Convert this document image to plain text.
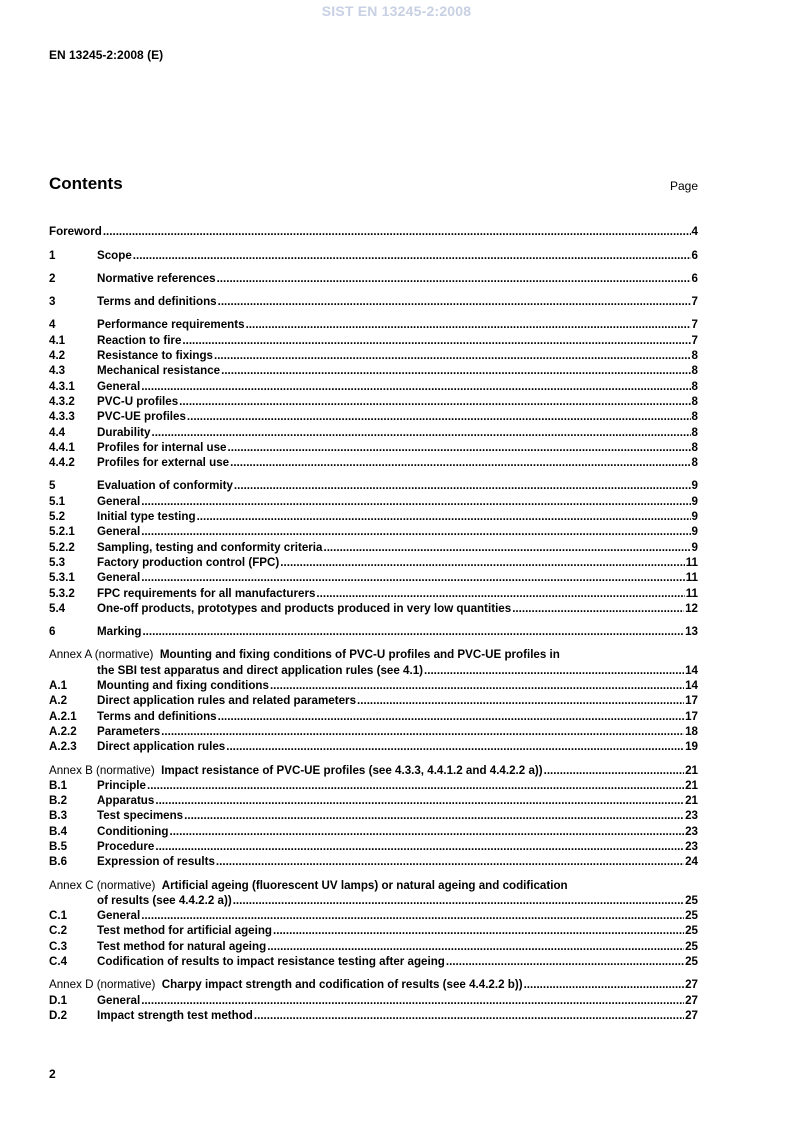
SIST EN 13245-2:2008
EN 13245-2:2008 (E)
Contents	Page
Foreword .....	4
1	Scope .....	6
2	Normative references .....	6
3	Terms and definitions .....	7
4	Performance requirements .....	7
4.1	Reaction to fire .....	7
4.2	Resistance to fixings .....	8
4.3	Mechanical resistance .....	8
4.3.1	General .....	8
4.3.2	PVC-U profiles .....	8
4.3.3	PVC-UE profiles .....	8
4.4	Durability .....	8
4.4.1	Profiles for internal use .....	8
4.4.2	Profiles for external use .....	8
5	Evaluation of conformity .....	9
5.1	General .....	9
5.2	Initial type testing .....	9
5.2.1	General .....	9
5.2.2	Sampling, testing and conformity criteria .....	9
5.3	Factory production control (FPC) .....	11
5.3.1	General .....	11
5.3.2	FPC requirements for all manufacturers .....	11
5.4	One-off products, prototypes and products produced in very low quantities .....	12
6	Marking .....	13
Annex A (normative) Mounting and fixing conditions of PVC-U profiles and PVC-UE profiles in
the SBI test apparatus and direct application rules (see 4.1) .....	14
A.1	Mounting and fixing conditions .....	14
A.2	Direct application rules and related parameters .....	17
A.2.1	Terms and definitions .....	17
A.2.2	Parameters .....	18
A.2.3	Direct application rules .....	19
Annex B (normative) Impact resistance of PVC-UE profiles (see 4.3.3, 4.4.1.2 and 4.4.2.2 a)) .....	21
B.1	Principle .....	21
B.2	Apparatus .....	21
B.3	Test specimens .....	23
B.4	Conditioning .....	23
B.5	Procedure .....	23
B.6	Expression of results .....	24
Annex C (normative) Artificial ageing (fluorescent UV lamps) or natural ageing and codification
of results (see 4.4.2.2 a)) .....	25
C.1	General .....	25
C.2	Test method for artificial ageing .....	25
C.3	Test method for natural ageing .....	25
C.4	Codification of results to impact resistance testing after ageing .....	25
Annex D (normative) Charpy impact strength and codification of results (see 4.4.2.2 b)) .....	27
D.1	General .....	27
D.2	Impact strength test method .....	27
2
